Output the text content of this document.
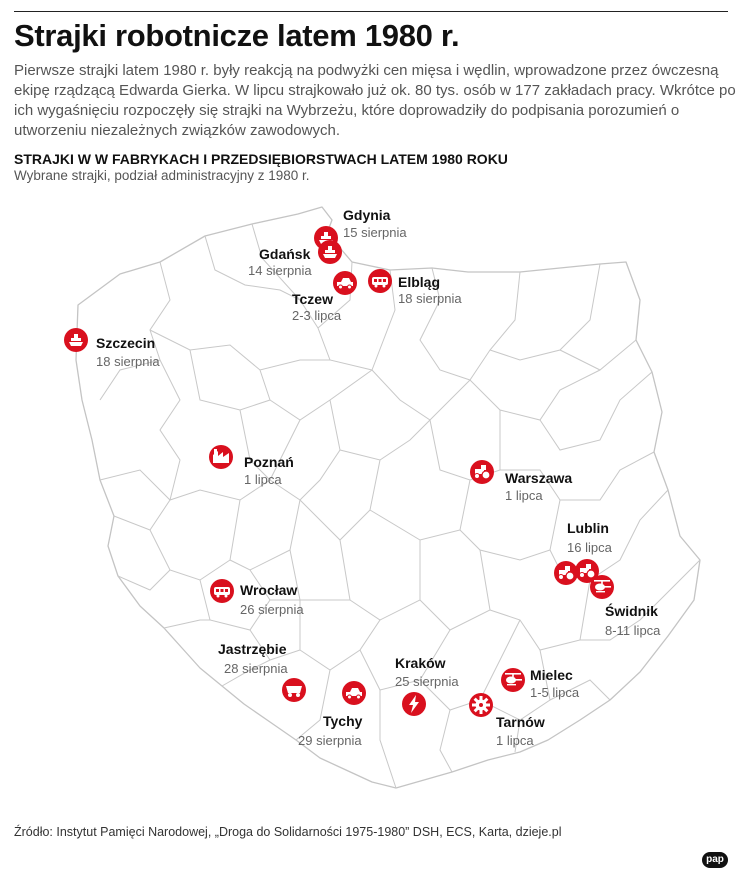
Strajki robotnicze latem 1980 r.

Pierwsze strajki latem 1980 r. były reakcją na podwyżki cen mięsa i wędlin, wprowadzone przez ówczesną ekipę rządzącą Edwarda Gierka. W lipcu strajkowało już ok. 80 tys. osób w 177 zakładach pracy. Wkrótce po ich wygaśnięciu rozpoczęły się strajki na Wybrzeżu, które doprowadziły do podpisania porozumień o utworzeniu niezależnych związków zawodowych.

STRAJKI W W FABRYKACH I PRZEDSIĘBIORSTWACH LATEM 1980 ROKU

Wybrane strajki, podział administracyjny z 1980 r.

Gdynia
15 sierpnia
Gdańsk
14 sierpnia
Elbląg
18 sierpnia
Tczew
2-3 lipca
Szczecin
18 sierpnia
Poznań
1 lipca	Warszawa
1 lipca
Lublin
16 lipca
Świdnik
8-11 lipca
Wrocław
26 sierpnia
Jastrzębie
28 sierpnia
Tychy
29 sierpnia
Kraków
25 sierpnia	Mielec
1-5 lipca
Tarnów
1 lipca

Źródło: Instytut Pamięci Narodowej, „Droga do Solidarności 1975-1980” DSH, ECS, Karta, dzieje.pl

pap
